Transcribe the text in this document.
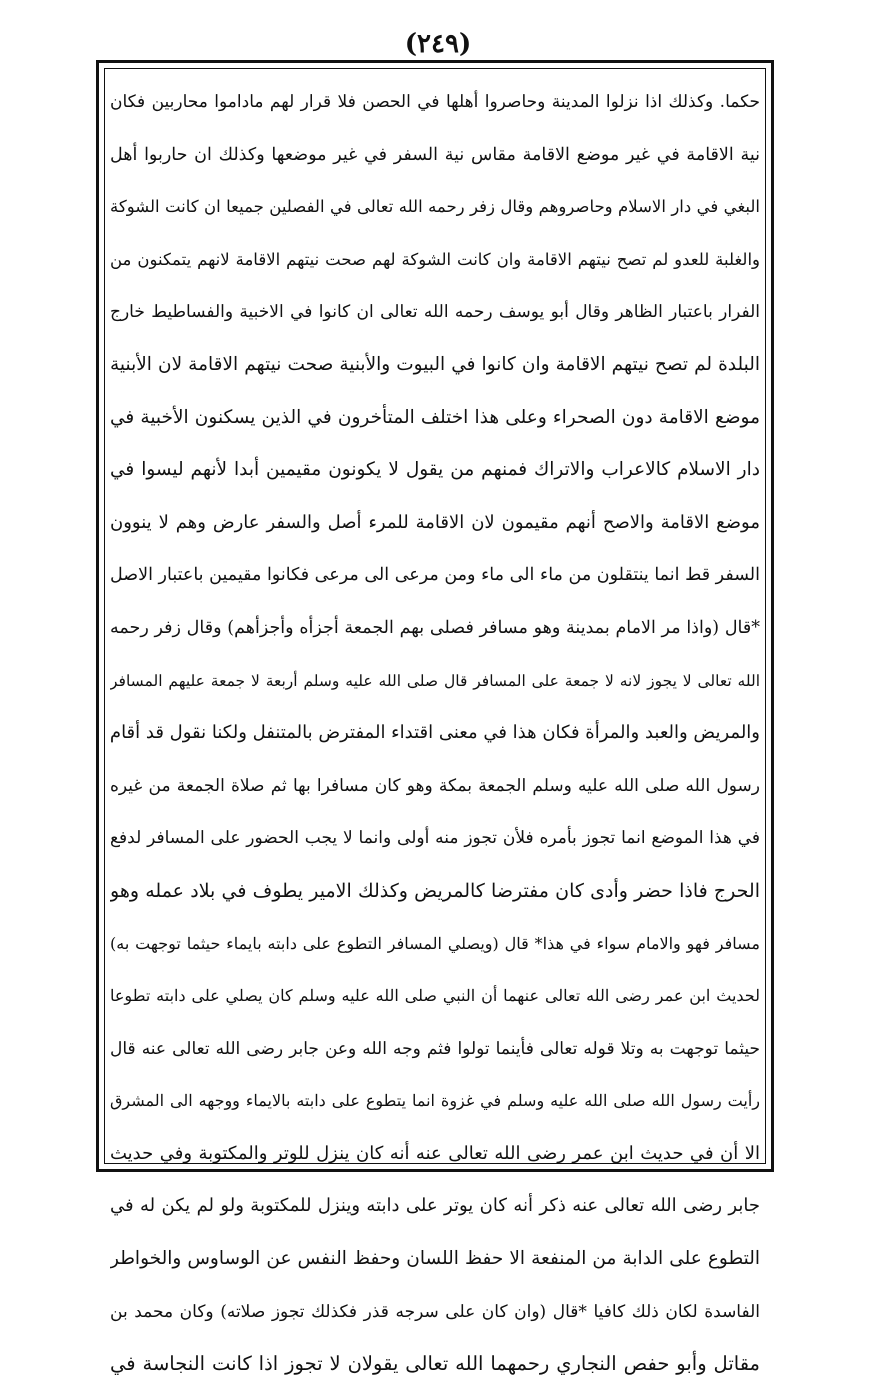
(٢٤٩)
حكما. وكذلك اذا نزلوا المدينة وحاصروا أهلها في الحصن فلا قرار لهم ماداموا محاربين فكان
نية الاقامة في غير موضع الاقامة مقاس نية السفر في غير موضعها وكذلك ان حاربوا أهل
البغي في دار الاسلام وحاصروهم وقال زفر رحمه الله تعالى في الفصلين جميعا ان كانت الشوكة
والغلبة للعدو لم تصح نيتهم الاقامة وان كانت الشوكة لهم صحت نيتهم الاقامة لانهم يتمكنون من
الفرار باعتبار الظاهر وقال أبو يوسف رحمه الله تعالى ان كانوا في الاخبية والفساطيط خارج
البلدة لم تصح نيتهم الاقامة وان كانوا في البيوت والأبنية صحت نيتهم الاقامة لان الأبنية
موضع الاقامة دون الصحراء وعلى هذا اختلف المتأخرون في الذين يسكنون الأخبية في
دار الاسلام كالاعراب والاتراك فمنهم من يقول لا يكونون مقيمين أبدا لأنهم ليسوا في
موضع الاقامة والاصح أنهم مقيمون لان الاقامة للمرء أصل والسفر عارض وهم لا ينوون
السفر قط انما ينتقلون من ماء الى ماء ومن مرعى الى مرعى فكانوا مقيمين باعتبار الاصل
*قال (واذا مر الامام بمدينة وهو مسافر فصلى بهم الجمعة أجزأه وأجزأهم) وقال زفر رحمه
الله تعالى لا يجوز لانه لا جمعة على المسافر قال صلى الله عليه وسلم أربعة لا جمعة عليهم المسافر
والمريض والعبد والمرأة فكان هذا في معنى اقتداء المفترض بالمتنفل ولكنا نقول قد أقام
رسول الله صلى الله عليه وسلم الجمعة بمكة وهو كان مسافرا بها ثم صلاة الجمعة من غيره
في هذا الموضع انما تجوز بأمره فلأن تجوز منه أولى وانما لا يجب الحضور على المسافر لدفع
الحرج فاذا حضر وأدى كان مفترضا كالمريض وكذلك الامير يطوف في بلاد عمله وهو
مسافر فهو والامام سواء في هذا* قال (ويصلي المسافر التطوع على دابته بايماء حيثما توجهت به)
لحديث ابن عمر رضى الله تعالى عنهما أن النبي صلى الله عليه وسلم كان يصلي على دابته تطوعا
حيثما توجهت به وتلا قوله تعالى فأينما تولوا فثم وجه الله وعن جابر رضى الله تعالى عنه قال
رأيت رسول الله صلى الله عليه وسلم في غزوة انما يتطوع على دابته بالايماء ووجهه الى المشرق
الا أن في حديث ابن عمر رضى الله تعالى عنه أنه كان ينزل للوتر والمكتوبة وفي حديث
جابر رضى الله تعالى عنه ذكر أنه كان يوتر على دابته وينزل للمكتوبة ولو لم يكن له في
التطوع على الدابة من المنفعة الا حفظ اللسان وحفظ النفس عن الوساوس والخواطر
الفاسدة لكان ذلك كافيا *قال (وان كان على سرجه قذر فكذلك تجوز صلاته) وكان محمد بن
مقاتل وأبو حفص النجاري رحمهما الله تعالى يقولان لا تجوز اذا كانت النجاسة في
